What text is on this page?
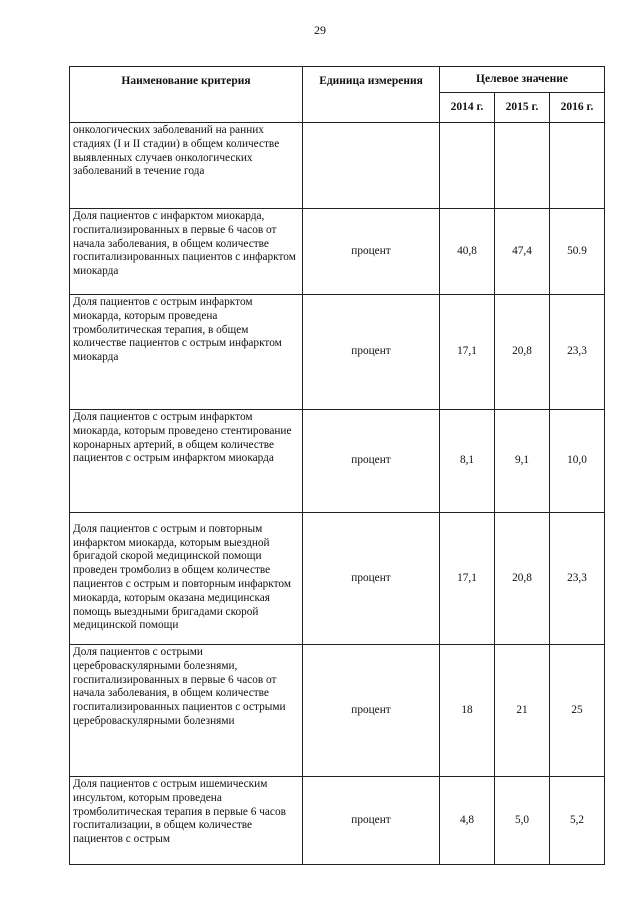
29
Наименование критерия	Единица измерения	Целевое значение		
		2014 г.	2015 г.	2016 г.
онкологических заболеваний на ранних стадиях (I и II стадии) в общем количестве выявленных случаев онкологических заболеваний в течение года				
Доля пациентов с инфарктом миокарда, госпитализированных в первые 6 часов от начала заболевания, в общем количестве госпитализированных пациентов с инфарктом миокарда	процент	40,8	47,4	50.9
Доля пациентов с острым инфарктом миокарда, которым проведена тромболитическая терапия, в общем количестве пациентов с острым инфарктом миокарда	процент	17,1	20,8	23,3
Доля пациентов с острым инфарктом миокарда, которым проведено стентирование коронарных артерий, в общем количестве пациентов с острым инфарктом миокарда	процент	8,1	9,1	10,0
Доля пациентов с острым и повторным инфарктом миокарда, которым выездной бригадой скорой медицинской помощи проведен тромболиз в общем количестве пациентов с острым и повторным инфарктом миокарда, которым оказана медицинская помощь выездными бригадами скорой медицинской помощи	процент	17,1	20,8	23,3
Доля пациентов с острыми цереброваскулярными болезнями, госпитализированных в первые 6 часов от начала заболевания, в общем количестве госпитализированных пациентов с острыми цереброваскулярными болезнями	процент	18	21	25
Доля пациентов с острым ишемическим инсультом, которым проведена тромболитическая терапия в первые 6 часов госпитализации, в общем количестве пациентов с острым	процент	4,8	5,0	5,2
